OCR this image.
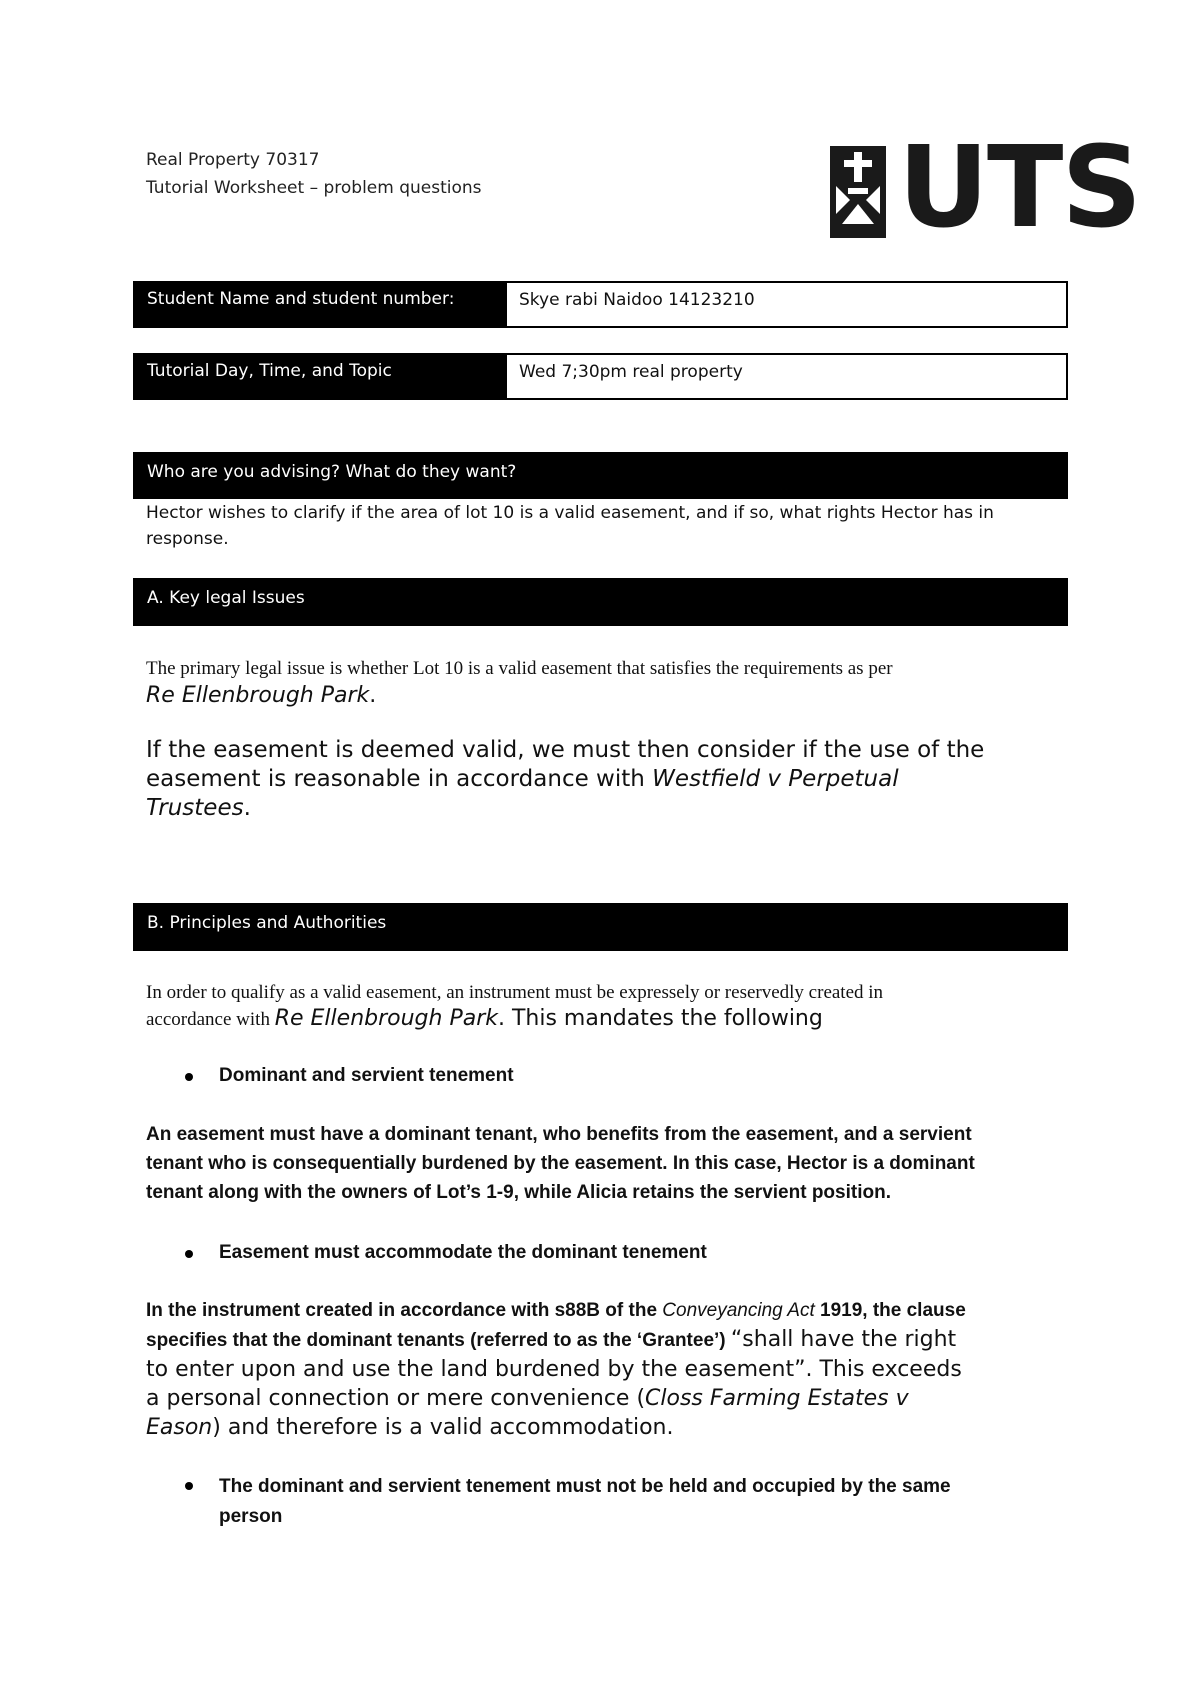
Real Property 70317
Tutorial Worksheet – problem questions	UTS
Student Name and student number:	Skye rabi Naidoo 14123210
Tutorial Day, Time, and Topic	Wed 7;30pm real property
Who are you advising? What do they want?
Hector wishes to clarify if the area of lot 10 is a valid easement, and if so, what rights Hector has in
response.
A. Key legal Issues
The primary legal issue is whether Lot 10 is a valid easement that satisfies the requirements as per
Re Ellenbrough Park.
If the easement is deemed valid, we must then consider if the use of the
easement is reasonable in accordance with Westfield v Perpetual
Trustees.
B. Principles and Authorities
In order to qualify as a valid easement, an instrument must be expressely or reservedly created in
accordance with Re Ellenbrough Park. This mandates the following
Dominant and servient tenement
An easement must have a dominant tenant, who benefits from the easement, and a servient
tenant who is consequentially burdened by the easement. In this case, Hector is a dominant
tenant along with the owners of Lot’s 1-9, while Alicia retains the servient position.
Easement must accommodate the dominant tenement
In the instrument created in accordance with s88B of the Conveyancing Act 1919, the clause
specifies that the dominant tenants (referred to as the ‘Grantee’) “shall have the right
to enter upon and use the land burdened by the easement”. This exceeds
a personal connection or mere convenience (Closs Farming Estates v
Eason) and therefore is a valid accommodation.
The dominant and servient tenement must not be held and occupied by the same
person
